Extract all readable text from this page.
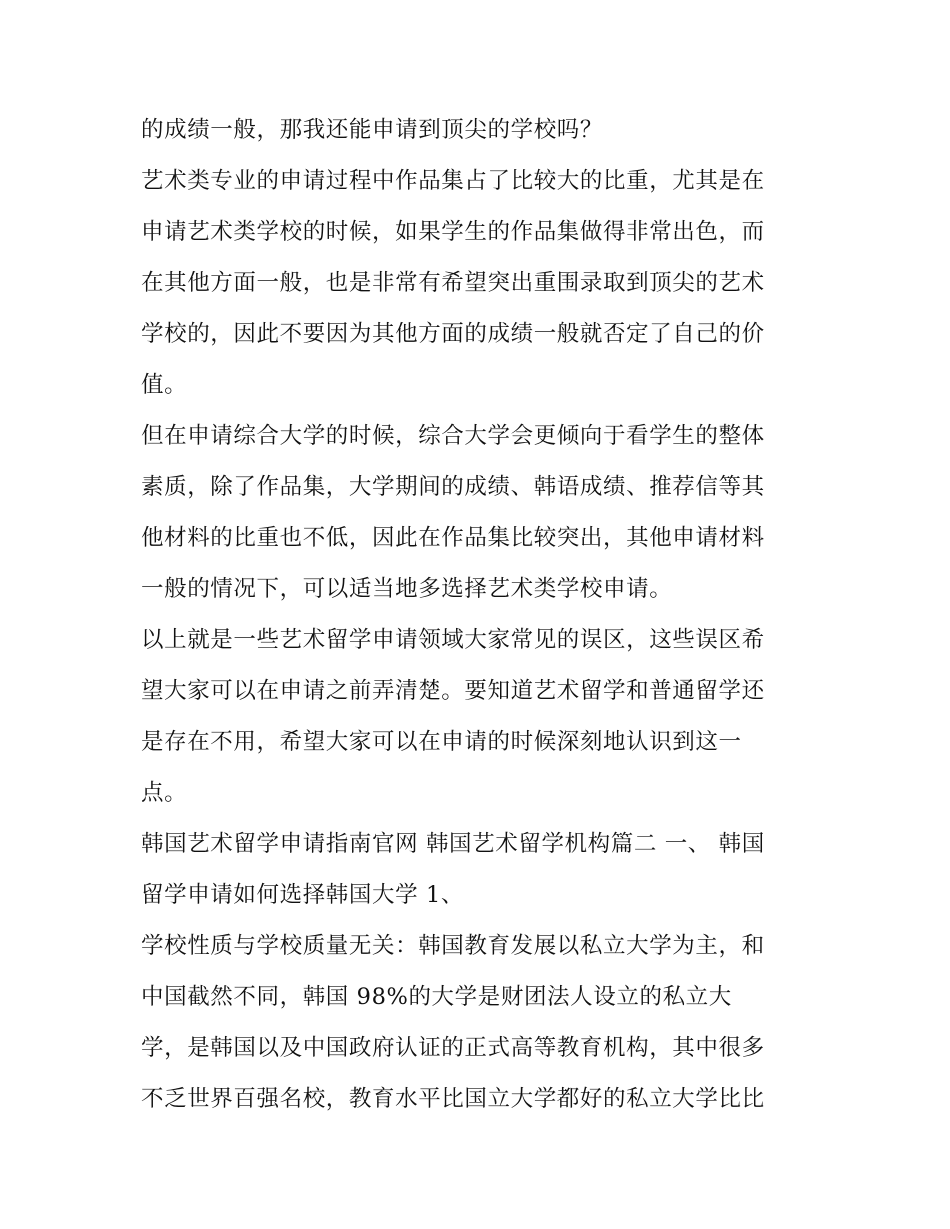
的成绩一般，那我还能申请到顶尖的学校吗？
艺术类专业的申请过程中作品集占了比较大的比重，尤其是在
申请艺术类学校的时候，如果学生的作品集做得非常出色，而
在其他方面一般，也是非常有希望突出重围录取到顶尖的艺术
学校的，因此不要因为其他方面的成绩一般就否定了自己的价
值。
但在申请综合大学的时候，综合大学会更倾向于看学生的整体
素质，除了作品集，大学期间的成绩、韩语成绩、推荐信等其
他材料的比重也不低，因此在作品集比较突出，其他申请材料
一般的情况下，可以适当地多选择艺术类学校申请。
以上就是一些艺术留学申请领域大家常见的误区，这些误区希
望大家可以在申请之前弄清楚。要知道艺术留学和普通留学还
是存在不用，希望大家可以在申请的时候深刻地认识到这一
点。
韩国艺术留学申请指南官网 韩国艺术留学机构篇二 一、 韩国
留学申请如何选择韩国大学 1、
学校性质与学校质量无关：韩国教育发展以私立大学为主，和
中国截然不同，韩国 98%的大学是财团法人设立的私立大
学，是韩国以及中国政府认证的正式高等教育机构，其中很多
不乏世界百强名校，教育水平比国立大学都好的私立大学比比
